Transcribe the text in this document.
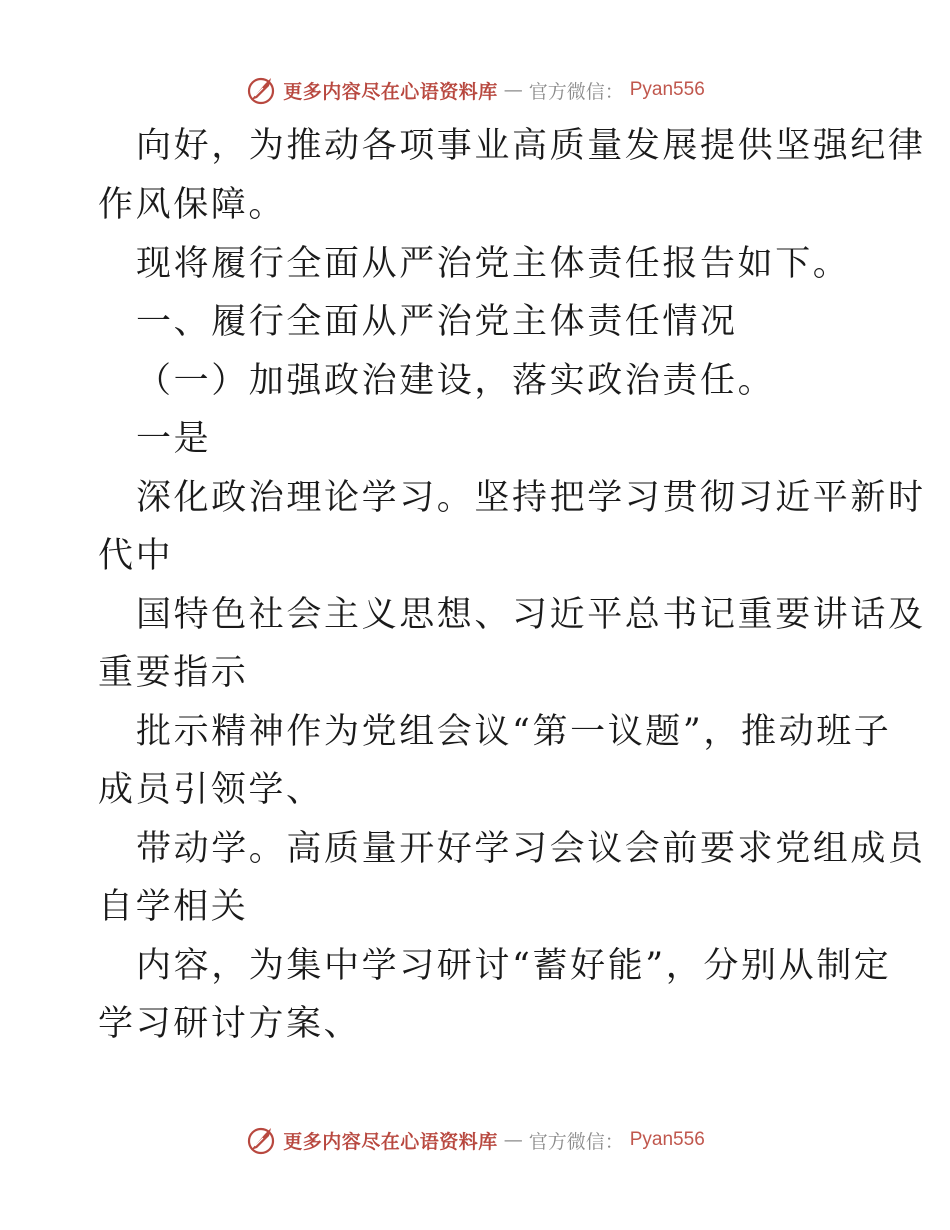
更多内容尽在心语资料库 — 官方微信： Pyan556
向好，为推动各项事业高质量发展提供坚强纪律
作风保障。
现将履行全面从严治党主体责任报告如下。
一、履行全面从严治党主体责任情况
（一）加强政治建设，落实政治责任。
一是
深化政治理论学习。坚持把学习贯彻习近平新时
代中
国特色社会主义思想、习近平总书记重要讲话及
重要指示
批示精神作为党组会议“第一议题”，推动班子
成员引领学、
带动学。高质量开好学习会议会前要求党组成员
自学相关
内容，为集中学习研讨“蓄好能”，分别从制定
学习研讨方案、
更多内容尽在心语资料库 — 官方微信： Pyan556
